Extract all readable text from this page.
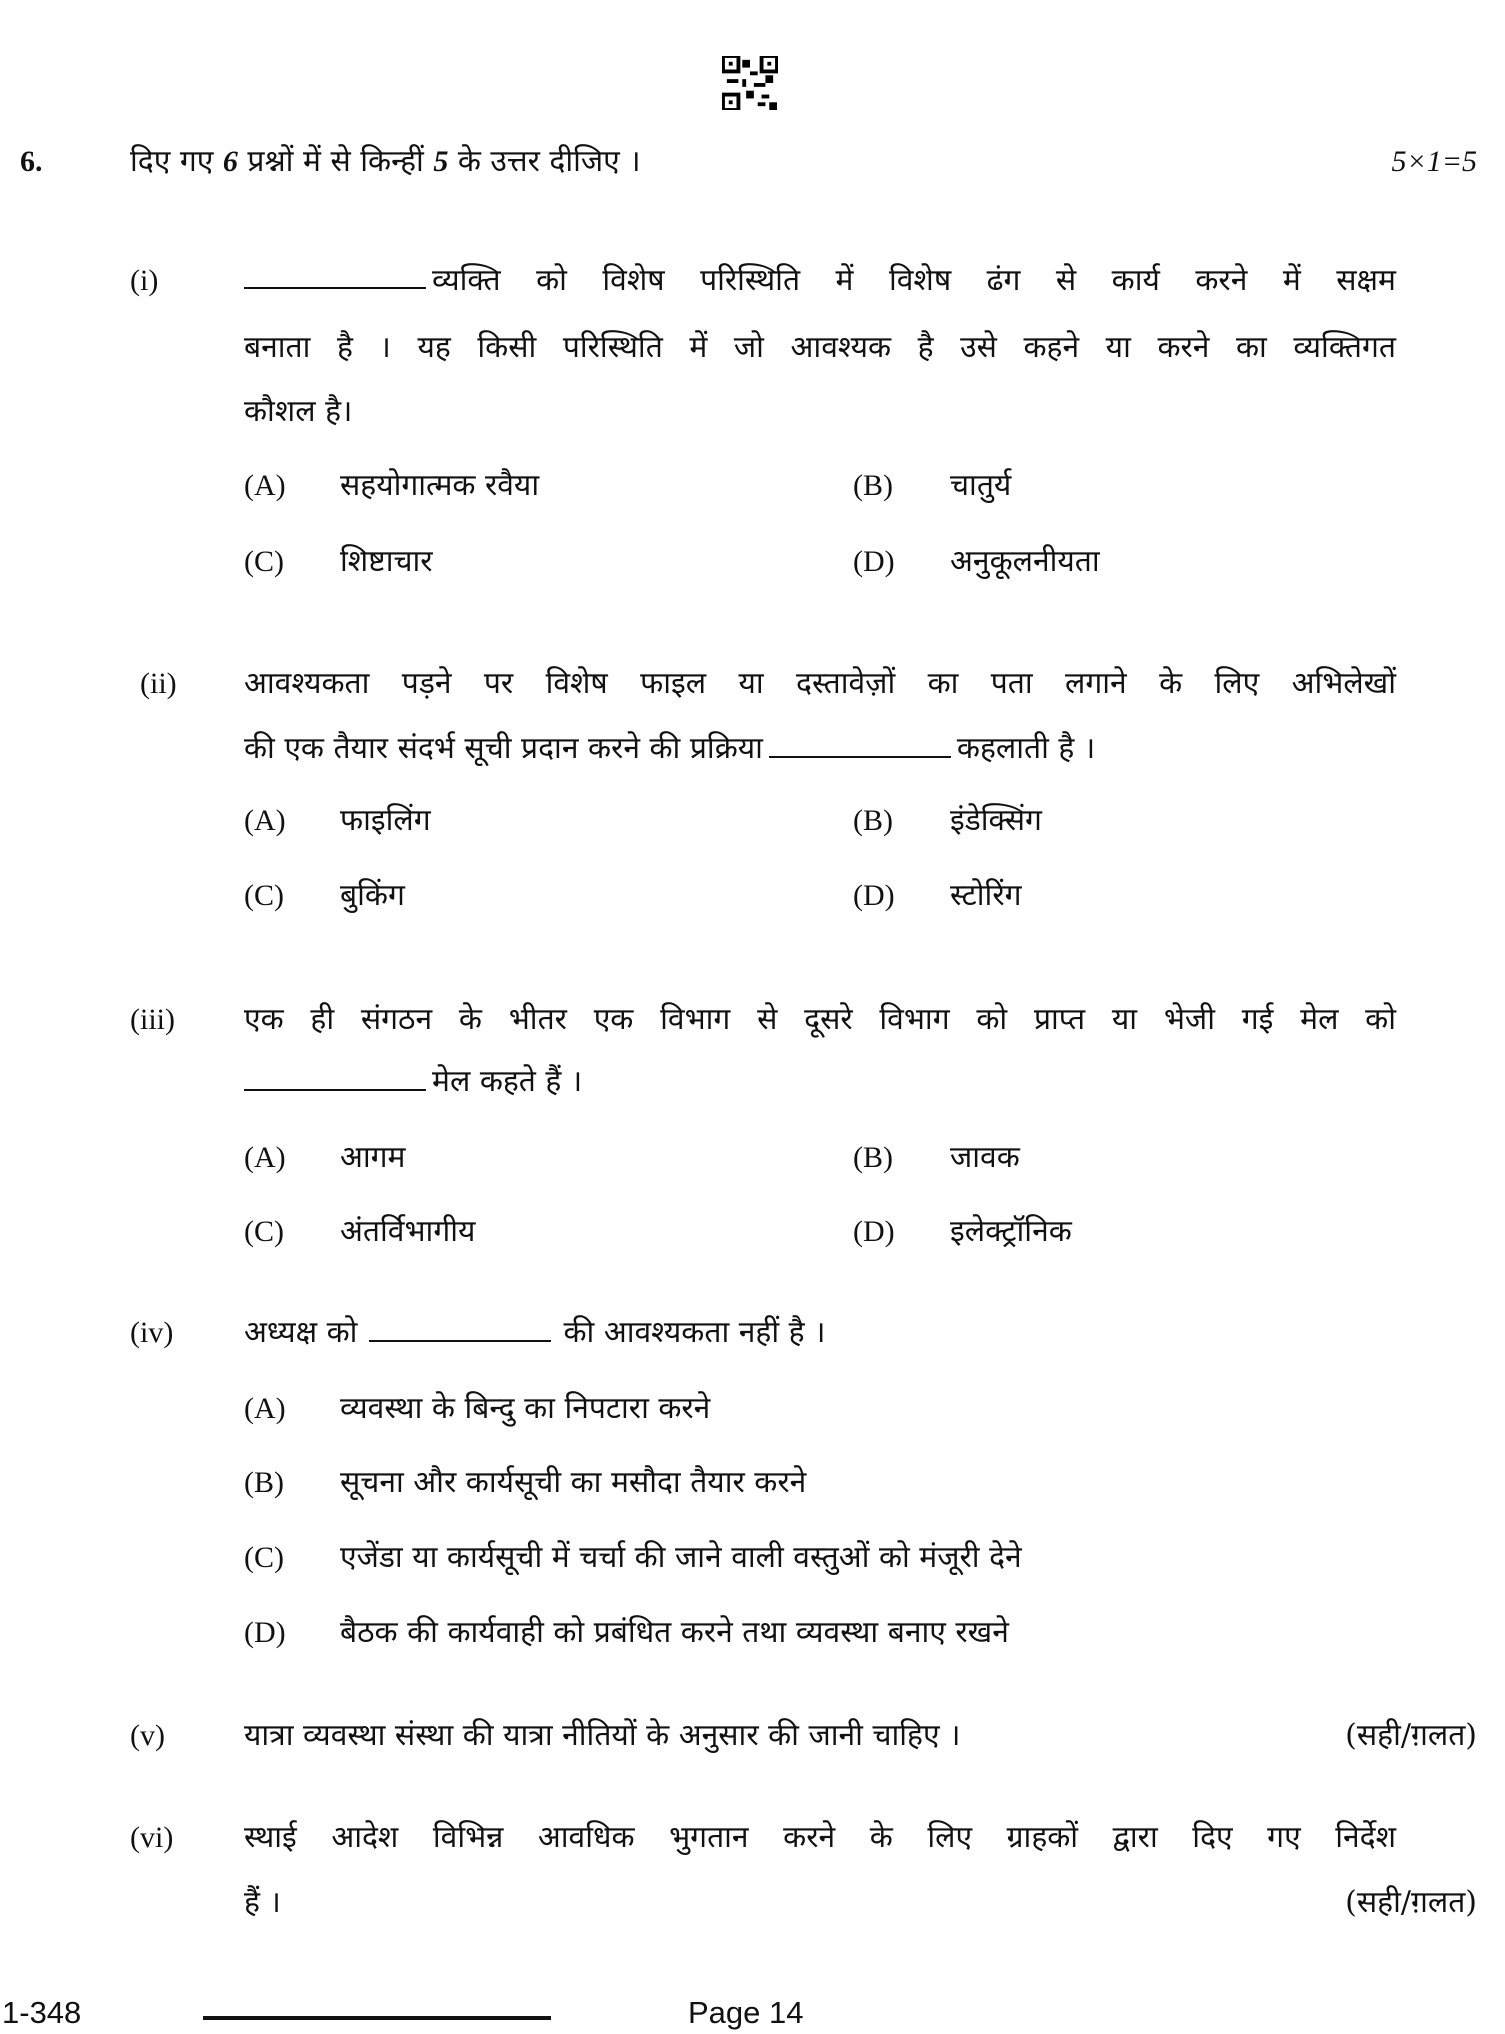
6.	दिए गए 6 प्रश्नों में से किन्हीं 5 के उत्तर दीजिए ।	5×1=5
(i)	व्यक्ति को विशेष परिस्थिति में विशेष ढंग से कार्य करने में सक्षम
बनाता है । यह किसी परिस्थिति में जो आवश्यक है उसे कहने या करने का व्यक्तिगत
कौशल है।
(A) सहयोगात्मक रवैया	(B) चातुर्य
(C) शिष्टाचार	(D) अनुकूलनीयता
(ii) आवश्यकता पड़ने पर विशेष फाइल या दस्तावेज़ों का पता लगाने के लिए अभिलेखों
की एक तैयार संदर्भ सूची प्रदान करने की प्रक्रिया	कहलाती है ।
(A) फाइलिंग	(B) इंडेक्सिंग
(C) बुकिंग	(D) स्टोरिंग
(iii) एक ही संगठन के भीतर एक विभाग से दूसरे विभाग को प्राप्त या भेजी गई मेल को
मेल कहते हैं ।
(A) आगम	(B) जावक
(C) अंतर्विभागीय	(D) इलेक्ट्रॉनिक
(iv) अध्यक्ष को	की आवश्यकता नहीं है ।
(A) व्यवस्था के बिन्दु का निपटारा करने
(B) सूचना और कार्यसूची का मसौदा तैयार करने
(C) एजेंडा या कार्यसूची में चर्चा की जाने वाली वस्तुओं को मंजूरी देने
(D) बैठक की कार्यवाही को प्रबंधित करने तथा व्यवस्था बनाए रखने
(v)	यात्रा व्यवस्था संस्था की यात्रा नीतियों के अनुसार की जानी चाहिए ।	(सही/ग़लत)
(vi) स्थाई आदेश विभिन्न आवधिक भुगतान करने के लिए ग्राहकों द्वारा दिए गए निर्देश
हैं ।	(सही/ग़लत)
1-348	Page 14
